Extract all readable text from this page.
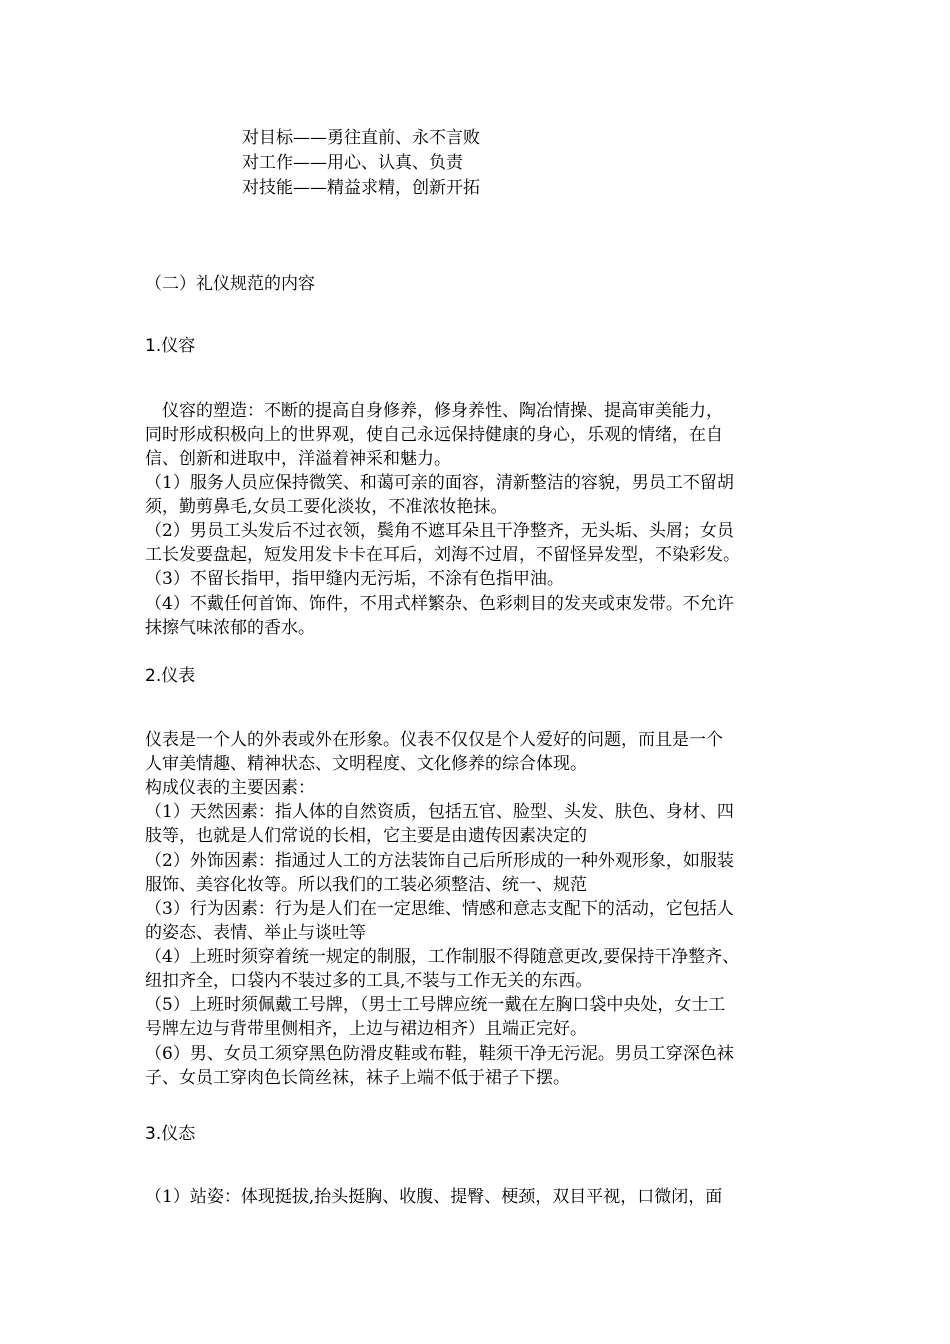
对目标——勇往直前、永不言败
对工作——用心、认真、负责
对技能——精益求精，创新开拓
（二）礼仪规范的内容
1.仪容
　仪容的塑造：不断的提高自身修养，修身养性、陶冶情操、提高审美能力，
同时形成积极向上的世界观，使自己永远保持健康的身心，乐观的情绪，在自
信、创新和进取中，洋溢着神采和魅力。
（1）服务人员应保持微笑、和蔼可亲的面容，清新整洁的容貌，男员工不留胡
须，勤剪鼻毛,女员工要化淡妆，不准浓妆艳抹。
（2）男员工头发后不过衣领，鬓角不遮耳朵且干净整齐，无头垢、头屑；女员
工长发要盘起，短发用发卡卡在耳后，刘海不过眉，不留怪异发型，不染彩发。
（3）不留长指甲，指甲缝内无污垢，不涂有色指甲油。
（4）不戴任何首饰、饰件，不用式样繁杂、色彩刺目的发夹或束发带。不允许
抹擦气味浓郁的香水。
2.仪表
仪表是一个人的外表或外在形象。仪表不仅仅是个人爱好的问题，而且是一个
人审美情趣、精神状态、文明程度、文化修养的综合体现。
构成仪表的主要因素：
（1）天然因素：指人体的自然资质，包括五官、脸型、头发、肤色、身材、四
肢等，也就是人们常说的长相，它主要是由遗传因素决定的
（2）外饰因素：指通过人工的方法装饰自己后所形成的一种外观形象，如服装
服饰、美容化妆等。所以我们的工装必须整洁、统一、规范
（3）行为因素：行为是人们在一定思维、情感和意志支配下的活动，它包括人
的姿态、表情、举止与谈吐等
（4）上班时须穿着统一规定的制服，工作制服不得随意更改,要保持干净整齐、
纽扣齐全，口袋内不装过多的工具,不装与工作无关的东西。
（5）上班时须佩戴工号牌，（男士工号牌应统一戴在左胸口袋中央处，女士工
号牌左边与背带里侧相齐，上边与裙边相齐）且端正完好。
（6）男、女员工须穿黑色防滑皮鞋或布鞋，鞋须干净无污泥。男员工穿深色袜
子、女员工穿肉色长筒丝袜，袜子上端不低于裙子下摆。
3.仪态
（1）站姿：体现挺拔,抬头挺胸、收腹、提臀、梗颈，双目平视，口微闭，面
